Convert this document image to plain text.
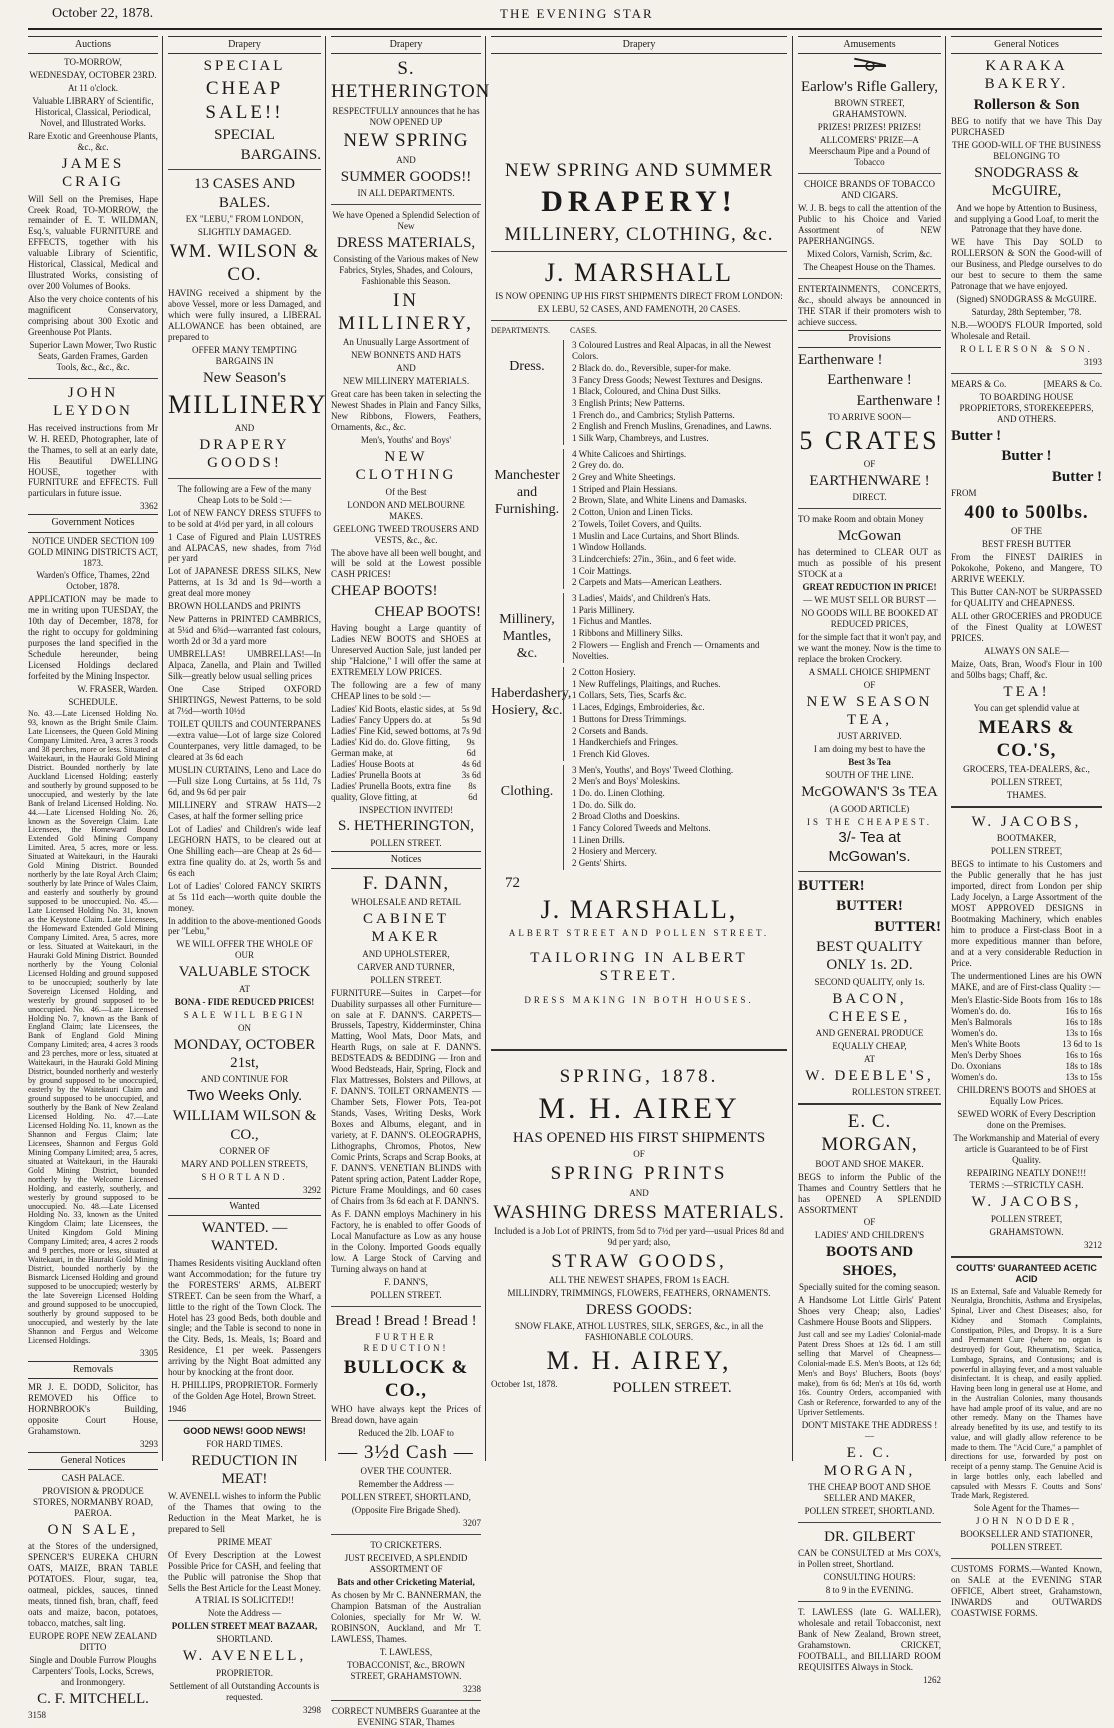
October 22, 1878.	THE EVENING STAR
Auctions

TO-MORROW,

WEDNESDAY, OCTOBER 23RD.

At 11 o'clock.

Valuable LIBRARY of Scientific, Historical, Classical, Periodical, Novel, and Illustrated Works.

Rare Exotic and Greenhouse Plants, &c., &c.

JAMES CRAIG

Will Sell on the Premises, Hape Creek Road, TO-MORROW, the remainder of E. T. WILDMAN, Esq.'s, valuable FURNITURE and EFFECTS, together with his valuable Library of Scientific, Historical, Classical, Medical and Illustrated Works, consisting of over 200 Volumes of Books.

Also the very choice contents of his magnificent Conservatory, comprising about 300 Exotic and Greenhouse Pot Plants.

Superior Lawn Mower, Two Rustic Seats, Garden Frames, Garden Tools, &c., &c., &c.

JOHN LEYDON

Has received instructions from Mr W. H. REED, Photographer, late of the Thames, to sell at an early date, His Beautiful DWELLING HOUSE, together with FURNITURE and EFFECTS. Full particulars in future issue.

3362

Government Notices

NOTICE UNDER SECTION 109 GOLD MINING DISTRICTS ACT, 1873.

Warden's Office, Thames, 22nd October, 1878.

APPLICATION may be made to me in writing upon TUESDAY, the 10th day of December, 1878, for the right to occupy for goldmining purposes the land specified in the Schedule hereunder, being Licensed Holdings declared forfeited by the Mining Inspector.

W. FRASER, Warden.

SCHEDULE.

No. 43.—Late Licensed Holding No. 93, known as the Bright Smile Claim. Late Licensees, the Queen Gold Mining Company Limited. Area, 3 acres 3 roods and 38 perches, more or less. Situated at Waitekauri, in the Hauraki Gold Mining District. Bounded northerly by late Auckland Licensed Holding; easterly and southerly by ground supposed to be unoccupied, and westerly by the late Bank of Ireland Licensed Holding. No. 44.—Late Licensed Holding No. 26, known as the Sovereign Claim. Late Licensees, the Homeward Bound Extended Gold Mining Company Limited. Area, 5 acres, more or less. Situated at Waitekauri, in the Hauraki Gold Mining District. Bounded northerly by the late Royal Arch Claim; southerly by late Prince of Wales Claim, and easterly and southerly by ground supposed to be unoccupied. No. 45.—Late Licensed Holding No. 31, known as the Keystone Claim. Late Licensees, the Homeward Extended Gold Mining Company Limited. Area, 5 acres, more or less. Situated at Waitekauri, in the Hauraki Gold Mining District. Bounded northerly by the Young Colonial Licensed Holding and ground supposed to be unoccupied; southerly by late Sovereign Licensed Holding, and westerly by ground supposed to be unoccupied. No. 46.—Late Licensed Holding No. 7, known as the Bank of England Claim; late Licensees, the Bank of England Gold Mining Company Limited; area, 4 acres 3 roods and 23 perches, more or less, situated at Waitekauri, in the Hauraki Gold Mining District, bounded northerly and westerly by ground supposed to be unoccupied, easterly by the Waitekauri Claim and ground supposed to be unoccupied, and southerly by the Bank of New Zealand Licensed Holding. No. 47.—Late Licensed Holding No. 11, known as the Shannon and Fergus Claim; late Licensees, Shannon and Fergus Gold Mining Company Limited; area, 5 acres, situated at Waitekauri, in the Hauraki Gold Mining District, bounded northerly by the Welcome Licensed Holding, and easterly, southerly, and westerly by ground supposed to be unoccupied. No. 48.—Late Licensed Holding No. 33, known as the United Kingdom Claim; late Licensees, the United Kingdom Gold Mining Company Limited; area, 4 acres 2 roods and 9 perches, more or less, situated at Waitekauri, in the Hauraki Gold Mining District, bounded northerly by the Bismarck Licensed Holding and ground supposed to be unoccupied; westerly by the late Sovereign Licensed Holding and ground supposed to be unoccupied, southerly by ground supposed to be unoccupied, and westerly by the late Shannon and Fergus and Welcome Licensed Holdings.

3305

Removals

MR J. E. DODD, Solicitor, has REMOVED his Office to HORNBROOK's Building, opposite Court House, Grahamstown.

3293

General Notices

CASH PALACE.

PROVISION & PRODUCE STORES, NORMANBY ROAD, PAEROA.

ON SALE,

at the Stores of the undersigned, SPENCER'S EUREKA CHURN OATS, MAIZE, BRAN TABLE POTATOES. Flour, sugar, tea, oatmeal, pickles, sauces, tinned meats, tinned fish, bran, chaff, feed oats and maize, bacon, potatoes, tobacco, matches, salt ling.

EUROPE ROPE NEW ZEALAND DITTO

Single and Double Furrow Ploughs Carpenters' Tools, Locks, Screws, and Ironmongery.

C. F. MITCHELL.

3158

Drapery

SPECIAL

CHEAP SALE!!

SPECIAL

BARGAINS.

13 CASES AND BALES.

EX "LEBU," FROM LONDON,

SLIGHTLY DAMAGED.

WM. WILSON & CO.

HAVING received a shipment by the above Vessel, more or less Damaged, and which were fully insured, a LIBERAL ALLOWANCE has been obtained, are prepared to

OFFER MANY TEMPTING BARGAINS IN

New Season's

MILLINERY

AND

DRAPERY GOODS!

The following are a Few of the many Cheap Lots to be Sold :—

Lot of NEW FANCY DRESS STUFFS to to be sold at 4½d per yard, in all colours

1 Case of Figured and Plain LUSTRES and ALPACAS, new shades, from 7½d per yard

Lot of JAPANESE DRESS SILKS, New Patterns, at 1s 3d and 1s 9d—worth a great deal more money

BROWN HOLLANDS and PRINTS

New Patterns in PRINTED CAMBRICS, at 5¼d and 6¾d—warranted fast colours, worth 2d or 3d a yard more

UMBRELLAS! UMBRELLAS!—In Alpaca, Zanella, and Plain and Twilled Silk—greatly below usual selling prices

One Case Striped OXFORD SHIRTINGS, Newest Patterns, to be sold at 7½d—worth 10½d

TOILET QUILTS and COUNTERPANES—extra value—Lot of large size Colored Counterpanes, very little damaged, to be cleared at 3s 6d each

MUSLIN CURTAINS, Leno and Lace do—Full size Long Curtains, at 5s 11d, 7s 6d, and 9s 6d per pair

MILLINERY and STRAW HATS—2 Cases, at half the former selling price

Lot of Ladies' and Children's wide leaf LEGHORN HATS, to be cleared out at One Shilling each—are Cheap at 2s 6d—extra fine quality do. at 2s, worth 5s and 6s each

Lot of Ladies' Colored FANCY SKIRTS at 5s 11d each—worth quite double the money.

In addition to the above-mentioned Goods per "Lebu,"

WE WILL OFFER THE WHOLE OF OUR

VALUABLE STOCK

AT

BONA - FIDE REDUCED PRICES!

SALE WILL BEGIN

ON

MONDAY, OCTOBER 21st,

AND CONTINUE FOR

Two Weeks Only.

WILLIAM WILSON & CO.,

CORNER OF

MARY AND POLLEN STREETS,

SHORTLAND.

3292

Wanted

WANTED. — WANTED.

Thames Residents visiting Auckland often want Accommodation; for the future try the FORESTERS' ARMS, ALBERT STREET. Can be seen from the Wharf, a little to the right of the Town Clock. The Hotel has 23 good Beds, both double and single; and the Table is second to none in the City. Beds, 1s. Meals, 1s; Board and Residence, £1 per week. Passengers arriving by the Night Boat admitted any hour by knocking at the front door.

H. PHILLIPS, PROPRIETOR. Formerly of the Golden Age Hotel, Brown Street.

1946

GOOD NEWS! GOOD NEWS!

FOR HARD TIMES.

REDUCTION IN MEAT!

W. AVENELL wishes to inform the Public of the Thames that owing to the Reduction in the Meat Market, he is prepared to Sell

PRIME MEAT

Of Every Description at the Lowest Possible Price for CASH, and feeling that the Public will patronise the Shop that Sells the Best Article for the Least Money.

A TRIAL IS SOLICITED!!

Note the Address —

POLLEN STREET MEAT BAZAAR,

SHORTLAND.

W. AVENELL,

PROPRIETOR.

Settlement of all Outstanding Accounts is requested.

3298

Drapery

S. HETHERINGTON

RESPECTFULLY announces that he has NOW OPENED UP

NEW SPRING

AND

SUMMER GOODS!!

IN ALL DEPARTMENTS.

We have Opened a Splendid Selection of New

DRESS MATERIALS,

Consisting of the Various makes of New Fabrics, Styles, Shades, and Colours, Fashionable this Season.

IN MILLINERY,

An Unusually Large Assortment of

NEW BONNETS AND HATS

AND

NEW MILLINERY MATERIALS.

Great care has been taken in selecting the Newest Shades in Plain and Fancy Silks, New Ribbons, Flowers, Feathers, Ornaments, &c., &c.

Men's, Youths' and Boys'

NEW CLOTHING

Of the Best

LONDON AND MELBOURNE MAKES.

GEELONG TWEED TROUSERS AND VESTS, &c., &c.

The above have all been well bought, and will be sold at the Lowest possible CASH PRICES!

CHEAP BOOTS!

CHEAP BOOTS!

Having bought a Large quantity of Ladies NEW BOOTS and SHOES at Unreserved Auction Sale, just landed per ship "Halcione," I will offer the same at EXTREMELY LOW PRICES.

The following are a few of many CHEAP lines to be sold :—

Ladies' Kid Boots, elastic sides, at 5s 9d
Ladies' Fancy Uppers do. at	5s 9d
Ladies' Fine Kid, sewed bottoms, at 7s 9d
Ladies' Kid do. do. Glove fitting, German make, at
9s 6d
Ladies' House Boots at	4s 6d
Ladies' Prunella Boots at	3s 6d
Ladies' Prunella Boots, extra fine quality, Glove fitting, at
8s 6d

INSPECTION INVITED!

S. HETHERINGTON,

POLLEN STREET.

Notices

F. DANN,

WHOLESALE AND RETAIL

CABINET MAKER

AND UPHOLSTERER,

CARVER AND TURNER,

POLLEN STREET.

FURNITURE—Suites in Carpet—for Duability surpasses all other Furniture—on sale at F. DANN'S. CARPETS—Brussels, Tapestry, Kidderminster, China Matting, Wool Mats, Door Mats, and Hearth Rugs, on sale at F. DANN'S. BEDSTEADS & BEDDING — Iron and Wood Bedsteads, Hair, Spring, Flock and Flax Mattresses, Bolsters and Pillows, at F. DANN'S. TOILET ORNAMENTS — Chamber Sets, Flower Pots, Tea-pot Stands, Vases, Writing Desks, Work Boxes and Albums, elegant, and in variety, at F. DANN'S. OLEOGRAPHS, Lithographs, Chromos, Photos, New Comic Prints, Scraps and Scrap Books, at F. DANN'S. VENETIAN BLINDS with Patent spring action, Patent Ladder Rope, Picture Frame Mouldings, and 60 cases of Chairs from 3s 6d each at F. DANN'S.

As F. DANN employs Machinery in his Factory, he is enabled to offer Goods of Local Manufacture as Low as any house in the Colony. Imported Goods equally low. A Large Stock of Carving and Turning always on hand at

F. DANN'S,

POLLEN STREET.

Bread ! Bread ! Bread !

FURTHER REDUCTION!

BULLOCK & CO.,

WHO have always kept the Prices of Bread down, have again

Reduced the 2lb. LOAF to

— 3½d Cash —

OVER THE COUNTER.

Remember the Address —

POLLEN STREET, SHORTLAND,

(Opposite Fire Brigade Shed).

3207

TO CRICKETERS.

JUST RECEIVED, A SPLENDID ASSORTMENT OF

Bats and other Cricketing Material,

As chosen by Mr C. BANNERMAN, the Champion Batsman of the Australian Colonies, specially for Mr W. W. ROBINSON, Auckland, and Mr T. LAWLESS, Thames.

T. LAWLESS,

TOBACCONIST, &c., BROWN STREET, GRAHAMSTOWN.

3238

CORRECT NUMBERS Guarantee at the EVENING STAR, Thames

Drapery

NEW SPRING AND SUMMER

DRAPERY!

MILLINERY, CLOTHING, &c.

J. MARSHALL

IS NOW OPENING UP HIS FIRST SHIPMENTS DIRECT FROM LONDON:

EX LEBU, 52 CASES, AND FAMENOTH, 20 CASES.

DEPARTMENTS.	CASES.
Dress.
3 Coloured Lustres and Real Alpacas, in all the Newest Colors.
2 Black do. do., Reversible, super-for make.
3 Fancy Dress Goods; Newest Textures and Designs.
1 Black, Coloured, and China Dust Silks.
3 English Prints; New Patterns.
1 French do., and Cambrics; Stylish Patterns.
2 English and French Muslins, Grenadines, and Lawns.
1 Silk Warp, Chambreys, and Lustres.
Manchester and Furnishing.
4 White Calicoes and Shirtings.
2 Grey do. do.
2 Grey and White Sheetings.
1 Striped and Plain Hessians.
2 Brown, Slate, and White Linens and Damasks.
2 Cotton, Union and Linen Ticks.
2 Towels, Toilet Covers, and Quilts.
1 Muslin and Lace Curtains, and Short Blinds.
1 Window Hollands.
3 Lindcerchiefs: 27in., 36in., and 6 feet wide.
1 Coir Mattings.
2 Carpets and Mats—American Leathers.
Millinery, Mantles, &c.
3 Ladies', Maids', and Children's Hats.
1 Paris Millinery.
1 Fichus and Mantles.
1 Ribbons and Millinery Silks.
2 Flowers — English and French — Ornaments and Novelties.
Haberdashery, Hosiery, &c.
2 Cotton Hosiery.
1 New Ruffelings, Plaitings, and Ruches.
1 Collars, Sets, Ties, Scarfs &c.
1 Laces, Edgings, Embroideries, &c.
1 Buttons for Dress Trimmings.
2 Corsets and Bands.
1 Handkerchiefs and Fringes.
1 French Kid Gloves.
Clothing.
3 Men's, Youths', and Boys' Tweed Clothing.
2 Men's and Boys' Moleskins.
1 Do. do. Linen Clothing.
1 Do. do. Silk do.
2 Broad Cloths and Doeskins.
1 Fancy Colored Tweeds and Meltons.
1 Linen Drills.
2 Hosiery and Mercery.
2 Gents' Shirts.

72

J. MARSHALL,

ALBERT STREET AND POLLEN STREET.

TAILORING IN ALBERT STREET.

DRESS MAKING IN BOTH HOUSES.

SPRING, 1878.

M. H. AIREY

HAS OPENED HIS FIRST SHIPMENTS

OF

SPRING PRINTS

AND

WASHING DRESS MATERIALS.

Included is a Job Lot of PRINTS, from 5d to 7½d per yard—usual Prices 8d and 9d per yard; also,

STRAW GOODS,

ALL THE NEWEST SHAPES, FROM 1s EACH.

MILLINDRY, TRIMMINGS, FLOWERS, FEATHERS, ORNAMENTS.

DRESS GOODS:

SNOW FLAKE, ATHOL LUSTRES, SILK, SERGES, &c., in all the FASHIONABLE COLOURS.

M. H. AIREY,

October 1st, 1878.	POLLEN STREET.
Amusements

Earlow's Rifle Gallery,

BROWN STREET, GRAHAMSTOWN.

PRIZES! PRIZES! PRIZES!

ALLCOMERS' PRIZE—A Meerschaum Pipe and a Pound of Tobacco

CHOICE BRANDS OF TOBACCO AND CIGARS.

W. J. B. begs to call the attention of the Public to his Choice and Varied Assortment of NEW PAPERHANGINGS.

Mixed Colors, Varnish, Scrim, &c.

The Cheapest House on the Thames.

ENTERTAINMENTS, CONCERTS, &c., should always be announced in THE STAR if their promoters wish to achieve success.

Provisions

Earthenware !

Earthenware !

Earthenware !

TO ARRIVE SOON—

5 CRATES

OF

EARTHENWARE !

DIRECT.

TO make Room and obtain Money

McGowan

has determined to CLEAR OUT as much as possible of his present STOCK at a

GREAT REDUCTION IN PRICE!

— WE MUST SELL OR BURST —

NO GOODS WILL BE BOOKED AT REDUCED PRICES,

for the simple fact that it won't pay, and we want the money. Now is the time to replace the broken Crockery.

A SMALL CHOICE SHIPMENT

OF

NEW SEASON TEA,

JUST ARRIVED.

I am doing my best to have the

Best 3s Tea

SOUTH OF THE LINE.

McGOWAN'S 3s TEA

(A GOOD ARTICLE)

IS THE CHEAPEST.

3/- Tea at McGowan's.

BUTTER!

BUTTER!

BUTTER!

BEST QUALITY ONLY 1s. 2D.

SECOND QUALITY, only 1s.

BACON, CHEESE,

AND GENERAL PRODUCE

EQUALLY CHEAP,

AT

W. DEEBLE'S,

ROLLESTON STREET.

E. C. MORGAN,

BOOT AND SHOE MAKER.

BEGS to inform the Public of the Thames and Country Settlers that he has OPENED A SPLENDID ASSORTMENT

OF

LADIES' AND CHILDREN'S

BOOTS AND SHOES,

Specially suited for the coming season.

A Handsome Lot Little Girls' Patent Shoes very Cheap; also, Ladies' Cashmere House Boots and Slippers.

Just call and see my Ladies' Colonial-made Patent Dress Shoes at 12s 6d. I am still selling that Marvel of Cheapness—Colonial-made E.S. Men's Boots, at 12s 6d; Men's and Boys' Bluchers, Boots (boys' make), from 6s 6d; Men's at 10s 6d, worth 16s. Country Orders, accompanied with Cash or Reference, forwarded to any of the Upriver Settlements.

DON'T MISTAKE THE ADDRESS !—

E. C. MORGAN,

THE CHEAP BOOT AND SHOE SELLER AND MAKER,

POLLEN STREET, SHORTLAND.

DR. GILBERT

CAN be CONSULTED at Mrs COX's, in Pollen street, Shortland.

CONSULTING HOURS:

8 to 9 in the EVENING.

T. LAWLESS (late G. WALLER), wholesale and retail Tobacconist, next Bank of New Zealand, Brown street, Grahamstown. CRICKET, FOOTBALL, and BILLIARD ROOM REQUISITES Always in Stock.

1262

General Notices

KARAKA BAKERY.

Rollerson & Son

BEG to notify that we have This Day PURCHASED

THE GOOD-WILL OF THE BUSINESS BELONGING TO

SNODGRASS & McGUIRE,

And we hope by Attention to Business, and supplying a Good Loaf, to merit the Patronage that they have done.

WE have This Day SOLD to ROLLERSON & SON the Good-will of our Business, and Pledge ourselves to do our best to secure to them the same Patronage that we have enjoyed.

(Signed) SNODGRASS & McGUIRE.

Saturday, 28th September, '78.

N.B.—WOOD'S FLOUR Imported, sold Wholesale and Retail.

ROLLERSON & SON.

3193

MEARS & Co.	[MEARS & Co.

TO BOARDING HOUSE PROPRIETORS, STOREKEEPERS, AND OTHERS.

Butter !

Butter !

Butter !

FROM

400 to 500lbs.

OF THE

BEST FRESH BUTTER

From the FINEST DAIRIES in Pokokohe, Pokeno, and Mangere, TO ARRIVE WEEKLY.

This Butter CAN-NOT be SURPASSED for QUALITY and CHEAPNESS.

ALL other GROCERIES and PRODUCE of the Finest Quality at LOWEST PRICES.

ALWAYS ON SALE—

Maize, Oats, Bran, Wood's Flour in 100 and 50lbs bags; Chaff, &c.

TEA!

You can get splendid value at

MEARS & CO.'S,

GROCERS, TEA-DEALERS, &c.,

POLLEN STREET,

THAMES.

W. JACOBS,

BOOTMAKER,

POLLEN STREET,

BEGS to intimate to his Customers and the Public generally that he has just imported, direct from London per ship Lady Jocelyn, a Large Assortment of the MOST APPROVED DESIGNS in Bootmaking Machinery, which enables him to produce a First-class Boot in a more expeditious manner than before, and at a very considerable Reduction in Price.

The undermentioned Lines are his OWN MAKE, and are of First-class Quality :—

Men's Elastic-Side Boots from 16s to 18s
Women's do. do.	16s to 16s
Men's Balmorals	16s to 18s
Women's do.	13s to 16s
Men's White Boots	13 6d to 1s
Men's Derby Shoes	16s to 16s
Do. Oxonians	18s to 18s
Women's do.	13s to 15s

CHILDREN'S BOOTS and SHOES at Equally Low Prices.

SEWED WORK of Every Description done on the Premises.

The Workmanship and Material of every article is Guaranteed to be of First Quality.

REPAIRING NEATLY DONE!!!

TERMS :—STRICTLY CASH.

W. JACOBS,

POLLEN STREET,

GRAHAMSTOWN.

3212

COUTTS' GUARANTEED ACETIC ACID

IS an External, Safe and Valuable Remedy for Neuralgia, Bronchitis, Asthma and Erysipelas, Spinal, Liver and Chest Diseases; also, for Kidney and Stomach Complaints, Constipation, Piles, and Dropsy. It is a Sure and Permanent Cure (where no organ is destroyed) for Gout, Rheumatism, Sciatica, Lumbago, Sprains, and Contusions; and is powerful in allaying fever, and a most valuable disinfectant. It is cheap, and easily applied. Having been long in general use at Home, and in the Australian Colonies, many thousands have had ample proof of its value, and are no other remedy. Many on the Thames have already benefited by its use, and testify to its value, and will gladly allow reference to be made to them. The "Acid Cure," a pamphlet of directions for use, forwarded by post on receipt of a penny stamp. The Genuine Acid is in large bottles only, each labelled and capsuled with Messrs F. Coutts and Sons' Trade Mark, Registered.

Sole Agent for the Thames—

JOHN NODDER,

BOOKSELLER AND STATIONER,

POLLEN STREET.

CUSTOMS FORMS.—Wanted Known, on SALE at the EVENING STAR OFFICE, Albert street, Grahamstown, INWARDS and OUTWARDS COASTWISE FORMS.
